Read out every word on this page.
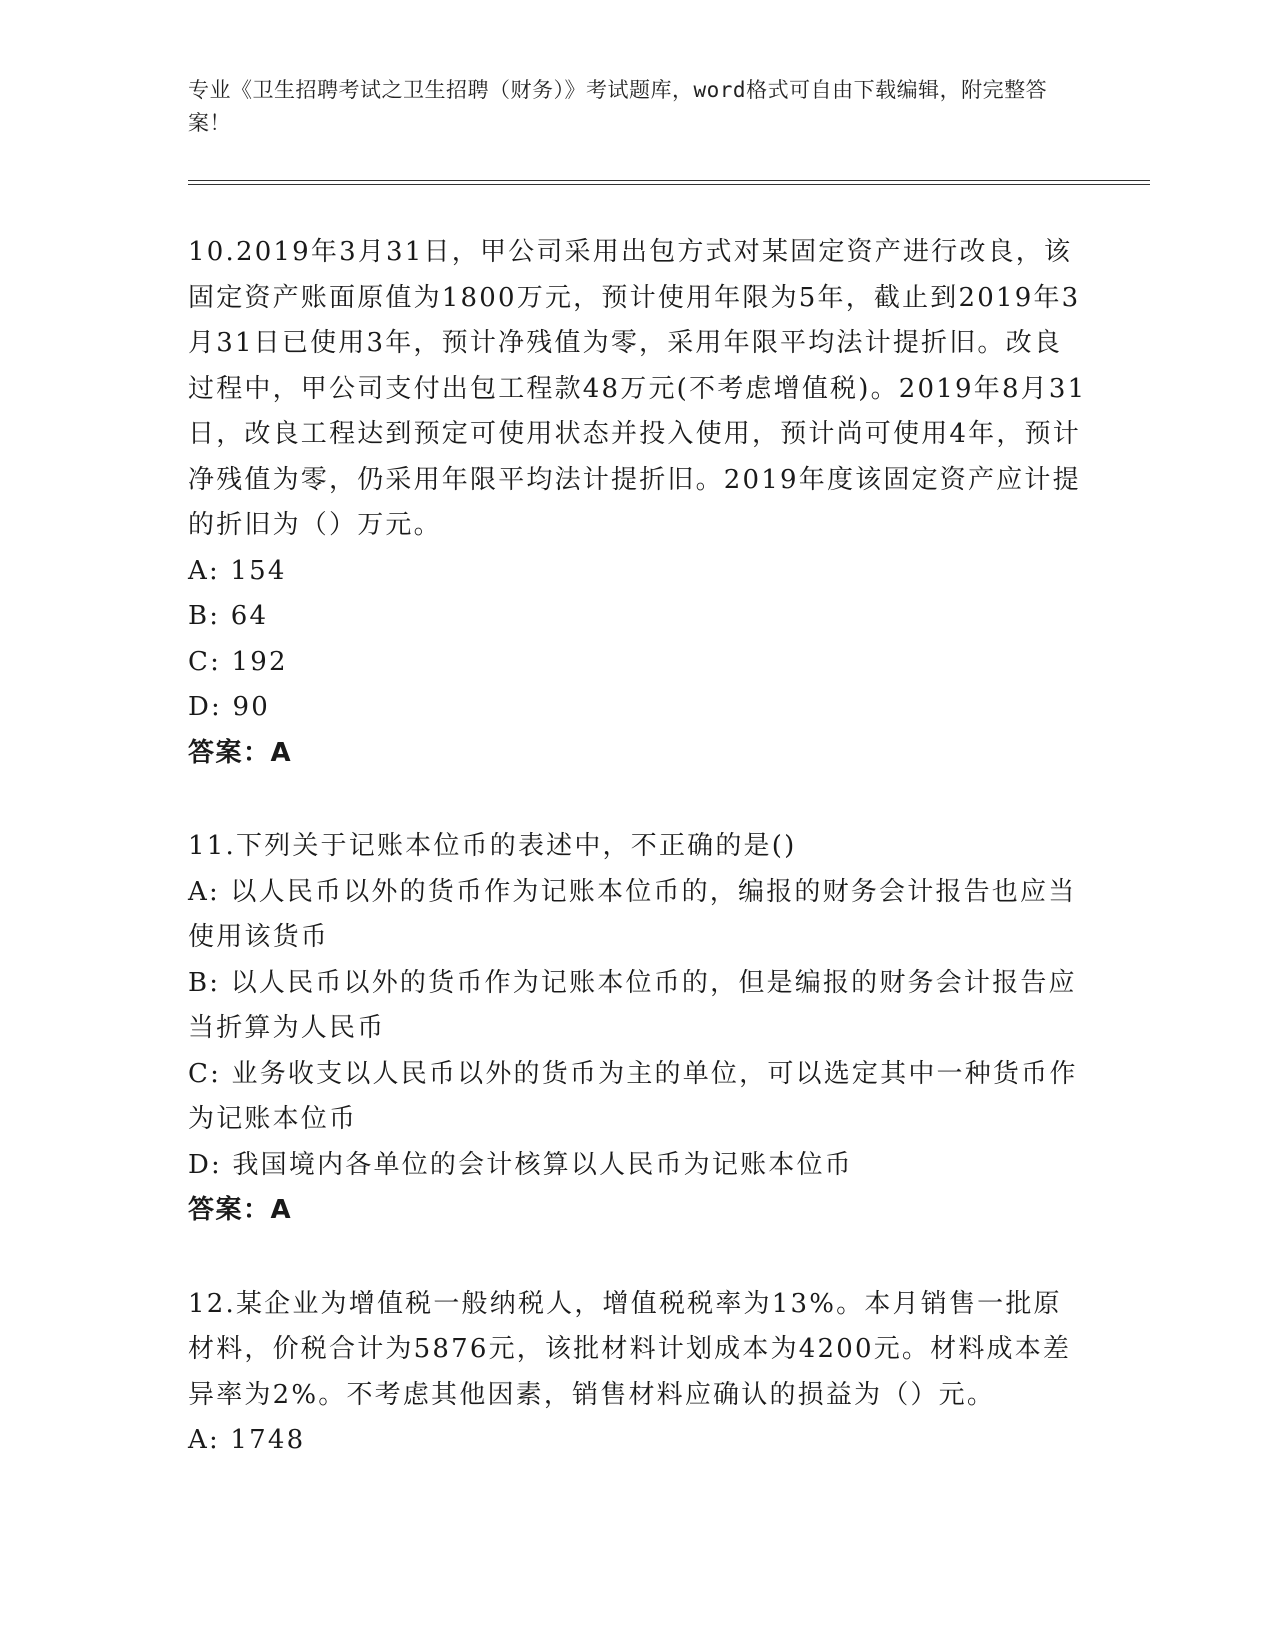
专业《卫生招聘考试之卫生招聘（财务）》考试题库，word格式可自由下载编辑，附完整答案！

10.2019年3月31日，甲公司采用出包方式对某固定资产进行改良，该固定资产账面原值为1800万元，预计使用年限为5年，截止到2019年3月31日已使用3年，预计净残值为零，采用年限平均法计提折旧。改良过程中，甲公司支付出包工程款48万元(不考虑增值税)。2019年8月31日，改良工程达到预定可使用状态并投入使用，预计尚可使用4年，预计净残值为零，仍采用年限平均法计提折旧。2019年度该固定资产应计提的折旧为（）万元。

A: 154

B: 64

C: 192

D: 90

答案：A

11.下列关于记账本位币的表述中，不正确的是()

A: 以人民币以外的货币作为记账本位币的，编报的财务会计报告也应当使用该货币

B: 以人民币以外的货币作为记账本位币的，但是编报的财务会计报告应当折算为人民币

C: 业务收支以人民币以外的货币为主的单位，可以选定其中一种货币作为记账本位币

D: 我国境内各单位的会计核算以人民币为记账本位币

答案：A

12.某企业为增值税一般纳税人，增值税税率为13%。本月销售一批原材料，价税合计为5876元，该批材料计划成本为4200元。材料成本差异率为2%。不考虑其他因素，销售材料应确认的损益为（）元。

A: 1748
